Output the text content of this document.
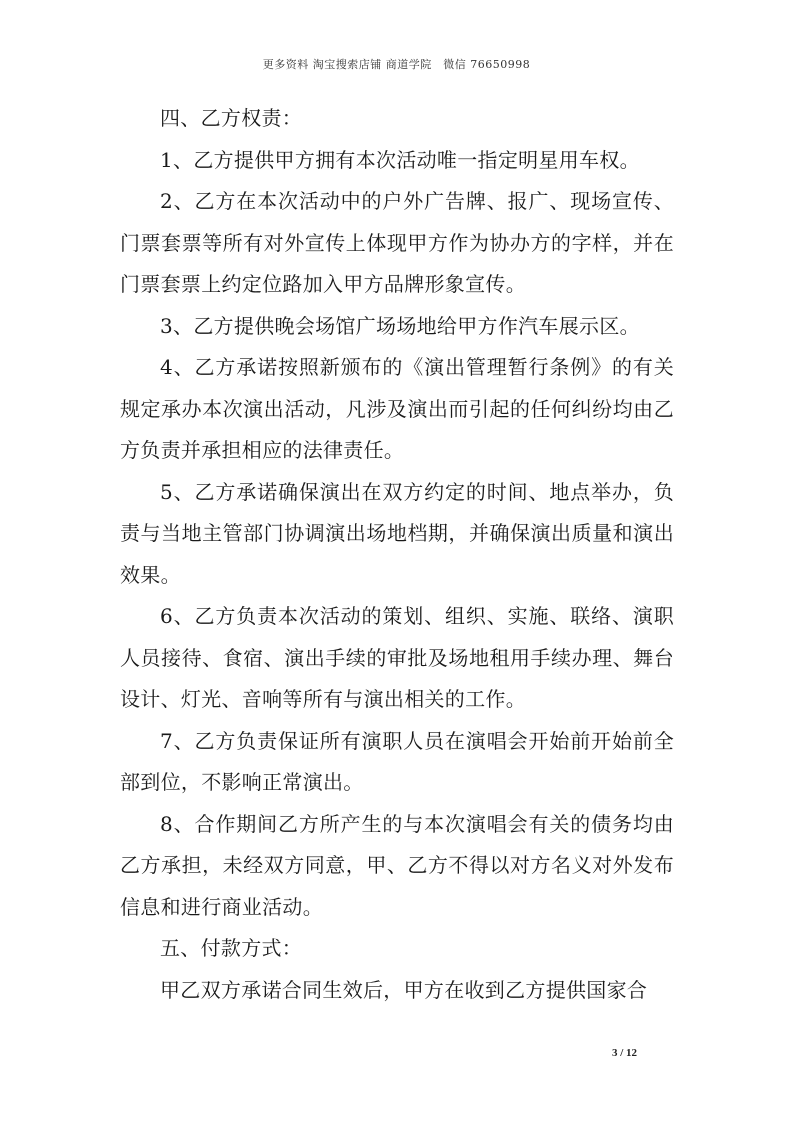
更多资料 淘宝搜索店铺 商道学院　微信 76650998

四、乙方权责：

1、乙方提供甲方拥有本次活动唯一指定明星用车权。

2、乙方在本次活动中的户外广告牌、报广、现场宣传、门票套票等所有对外宣传上体现甲方作为协办方的字样，并在门票套票上约定位路加入甲方品牌形象宣传。

3、乙方提供晚会场馆广场场地给甲方作汽车展示区。

4、乙方承诺按照新颁布的《演出管理暂行条例》的有关规定承办本次演出活动，凡涉及演出而引起的任何纠纷均由乙方负责并承担相应的法律责任。

5、乙方承诺确保演出在双方约定的时间、地点举办，负责与当地主管部门协调演出场地档期，并确保演出质量和演出效果。

6、乙方负责本次活动的策划、组织、实施、联络、演职人员接待、食宿、演出手续的审批及场地租用手续办理、舞台设计、灯光、音响等所有与演出相关的工作。

7、乙方负责保证所有演职人员在演唱会开始前开始前全部到位，不影响正常演出。

8、合作期间乙方所产生的与本次演唱会有关的债务均由乙方承担，未经双方同意，甲、乙方不得以对方名义对外发布信息和进行商业活动。

五、付款方式：

甲乙双方承诺合同生效后，甲方在收到乙方提供国家合

3 / 12
